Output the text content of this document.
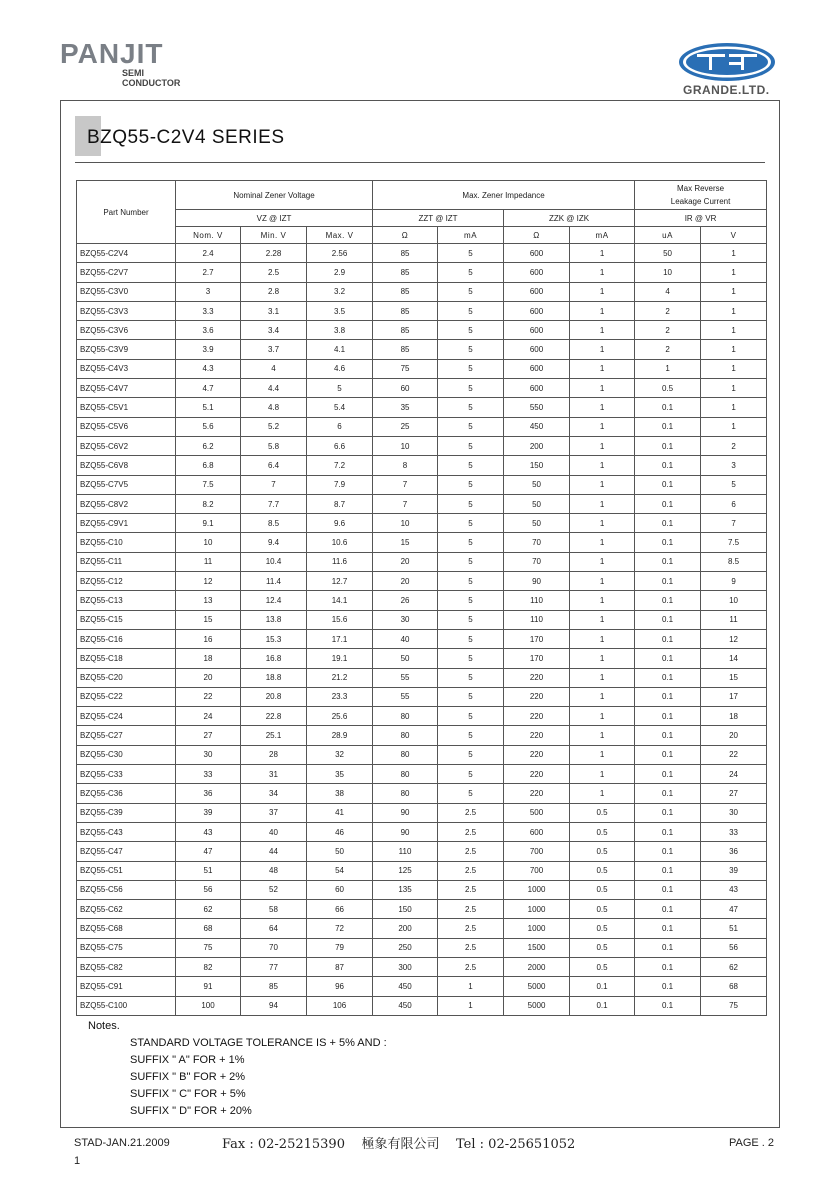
PANJIT
SEMI
CONDUCTOR	GRANDE.LTD.
BZQ55-C2V4 SERIES
Part Number	Nominal Zener Voltage			Max. Zener Impedance				Max Reverse
Leakage Current	

	VZ @ IZT			ZZT @ IZT		ZZK @ IZK		IR @ VR	
	Nom. V	Min. V	Max. V	Ω	mA	Ω	mA	uA	V
BZQ55-C2V4	2.4	2.28	2.56	85	5	600	1	50	1
BZQ55-C2V7	2.7	2.5	2.9	85	5	600	1	10	1
BZQ55-C3V0	3	2.8	3.2	85	5	600	1	4	1
BZQ55-C3V3	3.3	3.1	3.5	85	5	600	1	2	1
BZQ55-C3V6	3.6	3.4	3.8	85	5	600	1	2	1
BZQ55-C3V9	3.9	3.7	4.1	85	5	600	1	2	1
BZQ55-C4V3	4.3	4	4.6	75	5	600	1	1	1
BZQ55-C4V7	4.7	4.4	5	60	5	600	1	0.5	1
BZQ55-C5V1	5.1	4.8	5.4	35	5	550	1	0.1	1
BZQ55-C5V6	5.6	5.2	6	25	5	450	1	0.1	1
BZQ55-C6V2	6.2	5.8	6.6	10	5	200	1	0.1	2
BZQ55-C6V8	6.8	6.4	7.2	8	5	150	1	0.1	3
BZQ55-C7V5	7.5	7	7.9	7	5	50	1	0.1	5
BZQ55-C8V2	8.2	7.7	8.7	7	5	50	1	0.1	6
BZQ55-C9V1	9.1	8.5	9.6	10	5	50	1	0.1	7
BZQ55-C10	10	9.4	10.6	15	5	70	1	0.1	7.5
BZQ55-C11	11	10.4	11.6	20	5	70	1	0.1	8.5
BZQ55-C12	12	11.4	12.7	20	5	90	1	0.1	9
BZQ55-C13	13	12.4	14.1	26	5	110	1	0.1	10
BZQ55-C15	15	13.8	15.6	30	5	110	1	0.1	11
BZQ55-C16	16	15.3	17.1	40	5	170	1	0.1	12
BZQ55-C18	18	16.8	19.1	50	5	170	1	0.1	14
BZQ55-C20	20	18.8	21.2	55	5	220	1	0.1	15
BZQ55-C22	22	20.8	23.3	55	5	220	1	0.1	17
BZQ55-C24	24	22.8	25.6	80	5	220	1	0.1	18
BZQ55-C27	27	25.1	28.9	80	5	220	1	0.1	20
BZQ55-C30	30	28	32	80	5	220	1	0.1	22
BZQ55-C33	33	31	35	80	5	220	1	0.1	24
BZQ55-C36	36	34	38	80	5	220	1	0.1	27
BZQ55-C39	39	37	41	90	2.5	500	0.5	0.1	30
BZQ55-C43	43	40	46	90	2.5	600	0.5	0.1	33
BZQ55-C47	47	44	50	110	2.5	700	0.5	0.1	36
BZQ55-C51	51	48	54	125	2.5	700	0.5	0.1	39
BZQ55-C56	56	52	60	135	2.5	1000	0.5	0.1	43
BZQ55-C62	62	58	66	150	2.5	1000	0.5	0.1	47
BZQ55-C68	68	64	72	200	2.5	1000	0.5	0.1	51
BZQ55-C75	75	70	79	250	2.5	1500	0.5	0.1	56
BZQ55-C82	82	77	87	300	2.5	2000	0.5	0.1	62
BZQ55-C91	91	85	96	450	1	5000	0.1	0.1	68
BZQ55-C100	100	94	106	450	1	5000	0.1	0.1	75
Notes.
STANDARD VOLTAGE TOLERANCE IS + 5% AND :
SUFFIX " A" FOR + 1%
SUFFIX " B" FOR + 2%
SUFFIX " C" FOR + 5%
SUFFIX " D" FOR + 20%
STAD-JAN.21.2009	Fax : 02-25215390    極象有限公司    Tel : 02-25651052	PAGE . 2
1
